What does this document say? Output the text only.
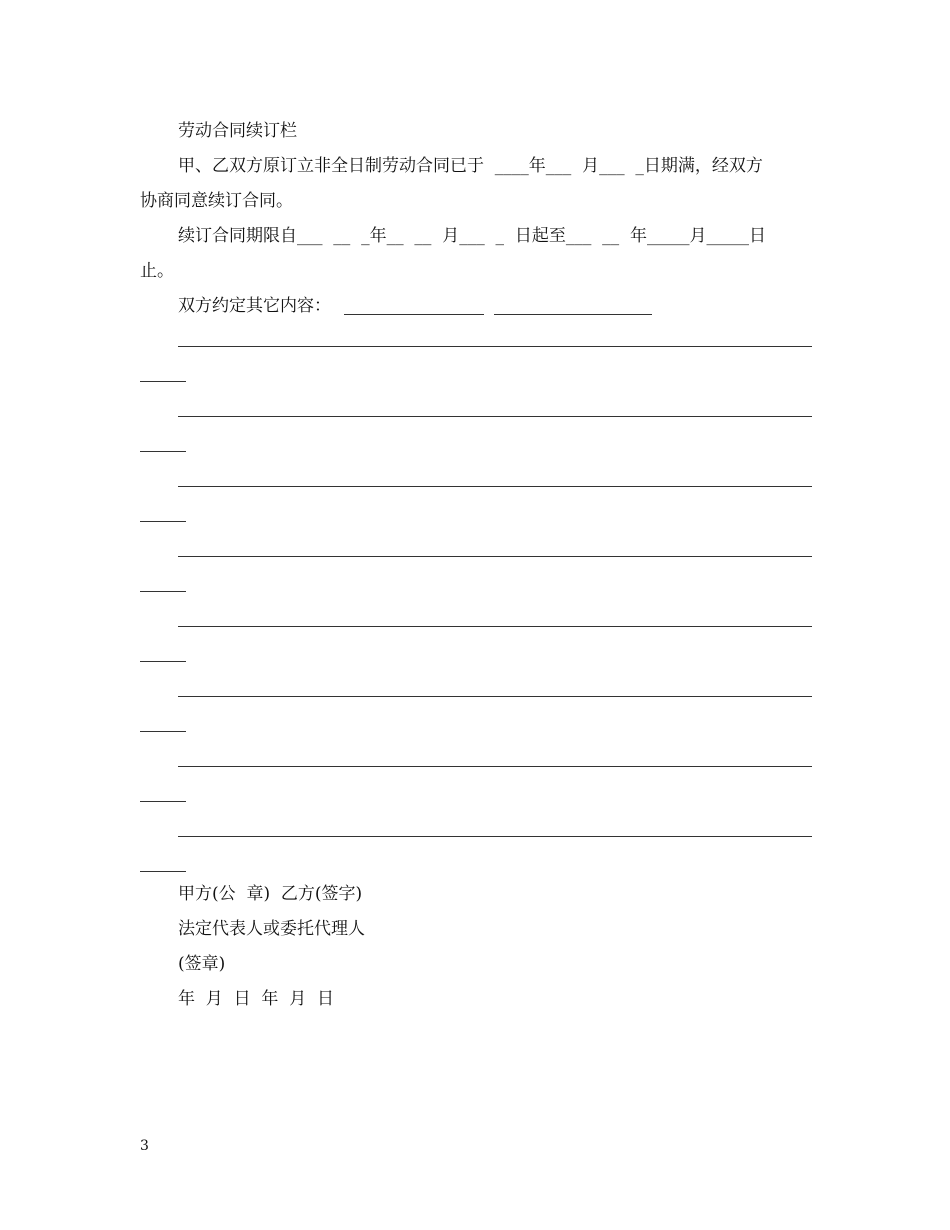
劳动合同续订栏
甲、乙双方原订立非全日制劳动合同已于  ____年___  月___  _日期满，经双方
协商同意续订合同。
续订合同期限自___  __  _年__  __  月___  _  日起至___  __  年_____月_____日
止。
双方约定其它内容：
甲方(公  章)  乙方(签字)
法定代表人或委托代理人
(签章)
年  月  日  年  月  日
3
